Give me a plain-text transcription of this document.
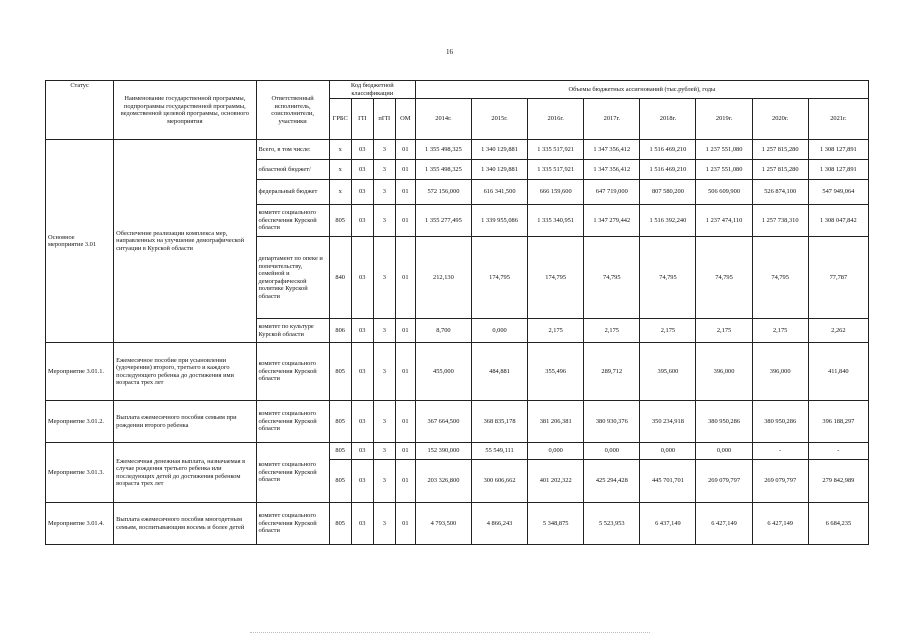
16
Статус	Наименование государственной программы, подпрограммы государственной программы, ведомственной целевой программы, основного мероприятия	Ответственный исполнитель, соисполнители, участники	Код бюджетной классификации				Объемы бюджетных ассигнований (тыс.рублей), годы							
			ГРБС	ГП	пГП	ОМ	2014г.	2015г.	2016г.	2017г.	2018г.	2019г.	2020г.	2021г.
Основное мероприятие 3.01	Обеспечение реализации комплекса мер, направленных на улучшение демографической ситуации в Курской области	Всего, в том числе:	х	03	3	01	1 355 498,325	1 340 129,881	1 335 517,921	1 347 356,412	1 516 469,210	1 237 551,080	1 257 815,280	1 308 127,891
		областной бюджет/	х	03	3	01	1 355 498,325	1 340 129,881	1 335 517,921	1 347 356,412	1 516 469,210	1 237 551,080	1 257 815,280	1 308 127,891
		федеральный бюджет	х	03	3	01	572 156,000	616 341,500	666 159,600	647 719,000	807 580,200	506 609,900	526 874,100	547 949,064
		комитет социального обеспечения Курской области	805	03	3	01	1 355 277,495	1 339 955,086	1 335 340,951	1 347 279,442	1 516 392,240	1 237 474,110	1 257 738,310	1 308 047,842
		департамент по опеке и попечительству, семейной и демографической политике Курской области	840	03	3	01	212,130	174,795	174,795	74,795	74,795	74,795	74,795	77,787
		комитет по культуре Курской области	806	03	3	01	8,700	0,000	2,175	2,175	2,175	2,175	2,175	2,262
Мероприятие 3.01.1.	Ежемесячное пособие при усыновлении (удочерении) второго, третьего и каждого последующего ребенка до достижения ими возраста трех лет	комитет социального обеспечения Курской области	805	03	3	01	455,000	484,881	355,496	289,712	395,600	396,000	396,000	411,840
Мероприятие 3.01.2.	Выплата ежемесячного пособия семьям при рождении второго ребенка	комитет социального обеспечения Курской области	805	03	3	01	367 664,500	368 835,178	381 206,381	380 930,376	350 234,918	380 950,286	380 950,286	396 188,297
Мероприятие 3.01.3.	Ежемесячная денежная выплата, назначаемая в случае рождения третьего ребенка или последующих детей до достижения ребенком возраста трех лет	комитет социального обеспечения Курской области	805	03	3	01	152 390,000	55 549,111	0,000	0,000	0,000	0,000	-	-
			805	03	3	01	203 326,800	300 606,662	401 202,322	425 294,428	445 701,701	269 079,797	269 079,797	279 842,989
Мероприятие 3.01.4.	Выплата ежемесячного пособия многодетным семьям, воспитывающим восемь и более детей	комитет социального обеспечения Курской области	805	03	3	01	4 793,500	4 866,243	5 348,875	5 523,953	6 437,149	6 427,149	6 427,149	6 684,235
